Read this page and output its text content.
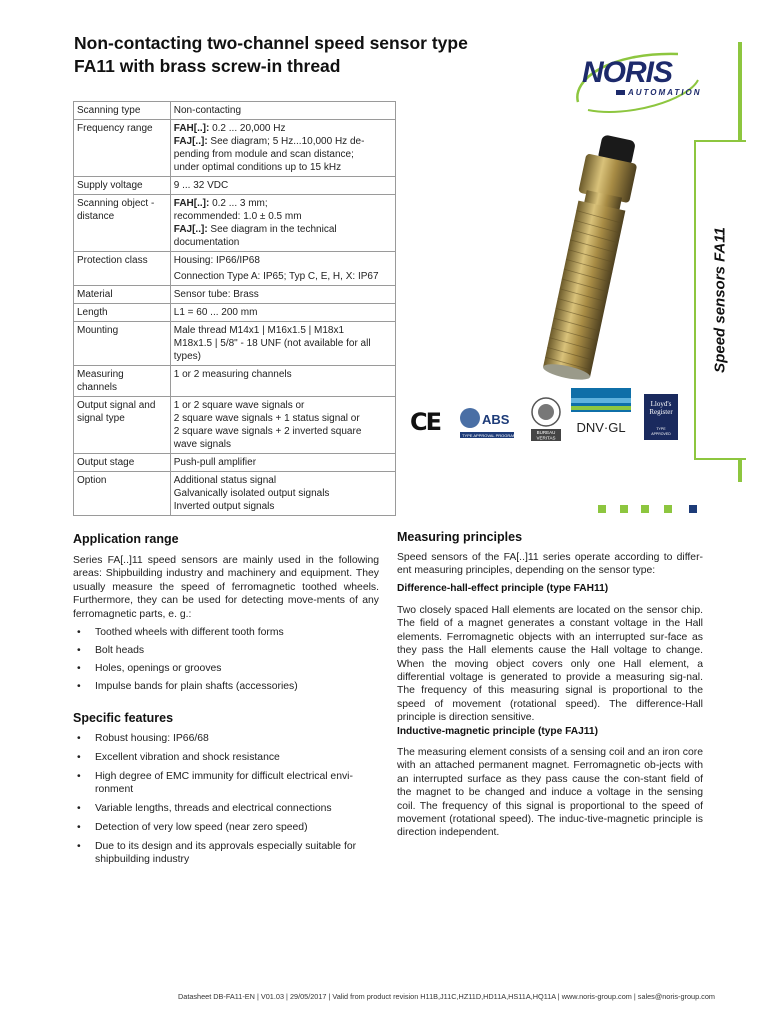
Non-contacting two-channel speed sensor type
FA11 with brass screw-in thread	NORIS
AUTOMATION
Speed sensors FA11
Scanning type	Non-contacting
Frequency range	FAH[..]: 0.2 ... 20,000 Hz
FAJ[..]: See diagram; 5 Hz...10,000 Hz de-
pending from module and scan distance;
under optimal conditions up to 15 kHz

Supply voltage	9 ... 32 VDC

Scanning object -
distance	FAH[..]: 0.2 ... 3 mm;
recommended: 1.0 ± 0.5 mm
FAJ[..]: See diagram in the technical
documentation

Protection class	Housing: IP66/IP68
Connection Type A: IP65; Typ C, E, H, X: IP67

Material	Sensor tube: Brass
Length	L1 = 60 ... 200 mm
Mounting	Male thread M14x1 | M16x1.5 | M18x1
M18x1.5 | 5/8" - 18 UNF (not available for all
types)

Measuring
channels	1 or 2 measuring channels

Output signal and
signal type	1 or 2 square wave signals or
2 square wave signals + 1 status signal or
2 square wave signals + 2 inverted square
wave signals

Output stage	Push-pull amplifier
Option	Additional status signal
Galvanically isolated output signals
Inverted output signals
CE	ABS
TYPE APPROVAL PROGRAM
BUREAU
VERITAS
DNV·GL
Lloyd's
Register
TYPE
APPROVED
Application range
Series FA[..]11 speed sensors are mainly used in the following areas: Shipbuilding industry and machinery and equipment. They usually measure the speed of ferromagnetic toothed wheels. Furthermore, they can be used for detecting move-ments of any ferromagnetic parts, e. g.:
• Toothed wheels with different tooth forms
• Bolt heads
• Holes, openings or grooves
• Impulse bands for plain shafts (accessories)
Specific features
• Robust housing: IP66/68
• Excellent vibration and shock resistance
• High degree of EMC immunity for difficult electrical envi-ronment
• Variable lengths, threads and electrical connections
• Detection of very low speed (near zero speed)
• Due to its design and its approvals especially suitable for shipbuilding industry
Measuring principles
Speed sensors of the FA[..]11 series operate according to differ-ent measuring principles, depending on the sensor type:
Difference-hall-effect principle (type FAH11)
Two closely spaced Hall elements are located on the sensor chip. The field of a magnet generates a constant voltage in the Hall elements. Ferromagnetic objects with an interrupted sur-face as they pass the Hall elements cause the Hall voltage to change. When the moving object covers only one Hall element, a differential voltage is generated to provide a measuring sig-nal. The frequency of this measuring signal is proportional to the speed of movement (rotational speed). The difference-Hall principle is direction sensitive.
Inductive-magnetic principle (type FAJ11)
The measuring element consists of a sensing coil and an iron core with an attached permanent magnet. Ferromagnetic ob-jects with an interrupted surface as they pass cause the con-stant field of the magnet to be changed and induce a voltage in the sensing coil. The frequency of this signal is proportional to the speed of movement (rotational speed). The induc-tive-magnetic principle is direction independent.
Datasheet DB-FA11-EN | V01.03 | 29/05/2017 | Valid from product revision H11B,J11C,HZ11D,HD11A,HS11A,HQ11A | www.noris-group.com | sales@noris-group.com
